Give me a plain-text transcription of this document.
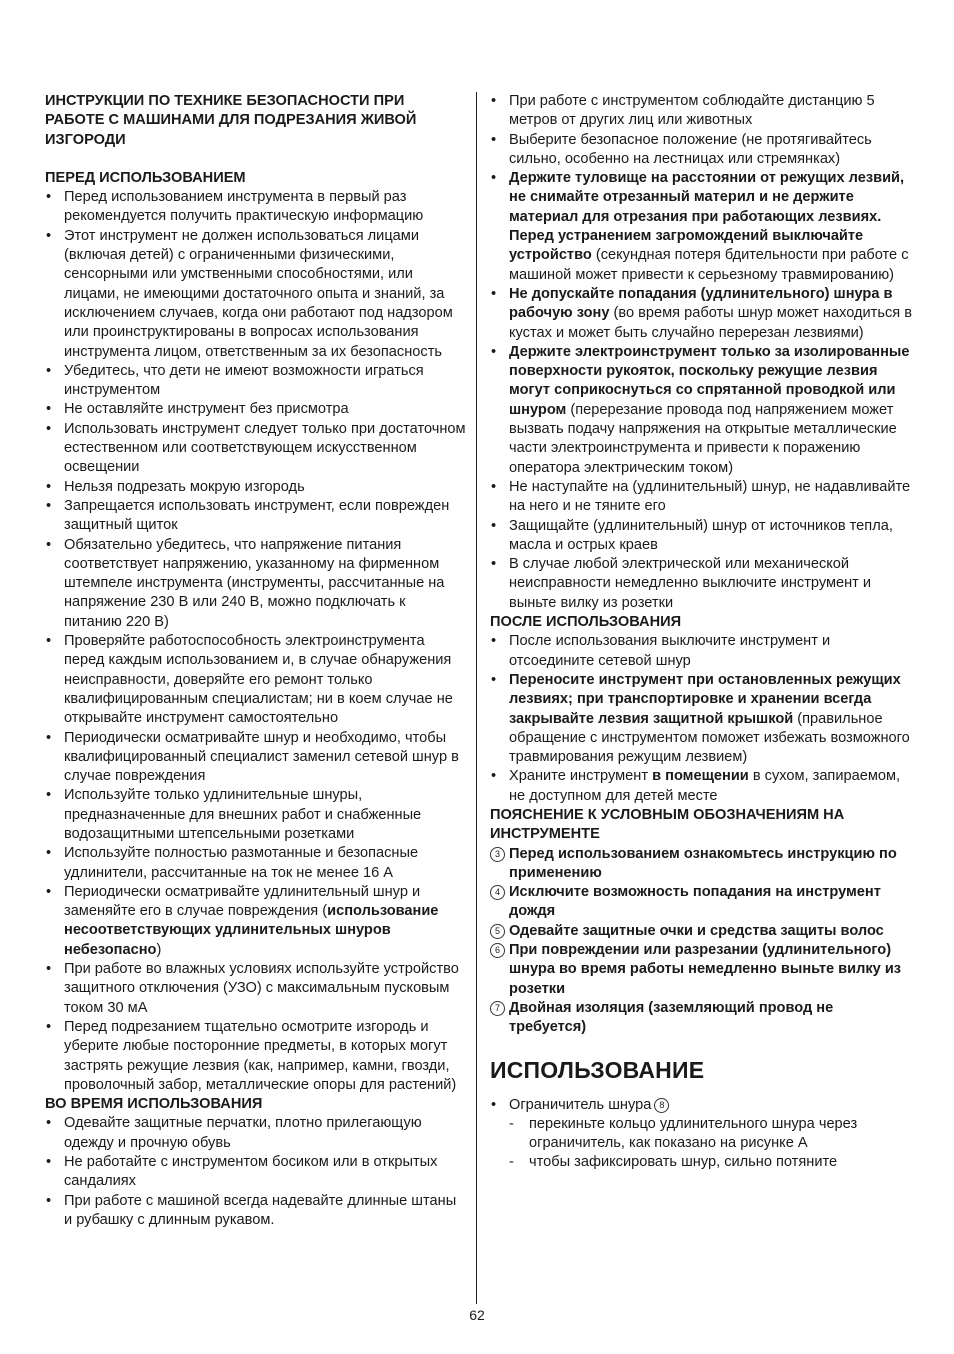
ИНСТРУКЦИИ ПО ТЕХНИКЕ БЕЗОПАСНОСТИ ПРИ РАБОТЕ С МАШИНАМИ ДЛЯ ПОДРЕЗАНИЯ ЖИВОЙ ИЗГОРОДИ

ПЕРЕД ИСПОЛЬЗОВАНИЕМ

• Перед использованием инструмента в первый раз рекомендуется получить практическую информацию
• Этот инструмент не должен использоваться лицами (включая детей) с ограниченными физическими, сенсорными или умственными способностями, или лицами, не имеющими достаточного опыта и знаний, за исключением случаев, когда они работают под надзором или проинструктированы в вопросах использования инструмента лицом, ответственным за их безопасность
• Убедитесь, что дети не имеют возможности играться инструментом
• Не оставляйте инструмент без присмотра
• Использовать инструмент следует только при достаточном естественном или соответствующем искусственном освещении
• Нельзя подрезать мокрую изгородь
• Запрещается использовать инструмент, если поврежден защитный щиток
• Обязательно убедитесь, что напряжение питания соответствует напряжению, указанному на фирменном штемпеле инструмента (инструменты, рассчитанные на напряжение 230 В или 240 В, можно подключать к питанию 220 В)
• Проверяйте работоспособность электроинструмента перед каждым использованием и, в случае обнаружения неисправности, доверяйте его ремонт только квалифицированным специалистам; ни в коем случае не открывайте инструмент самостоятельно
• Периодически осматривайте шнур и необходимо, чтобы квалифицированный специалист заменил сетевой шнур в случае повреждения
• Используйте только удлинительные шнуры, предназначенные для внешних работ и снабженные водозащитными штепсельными розетками
• Используйте полностью размотанные и безопасные удлинители, рассчитанные на ток не менее 16 А
• Периодически осматривайте удлинительный шнур и заменяйте его в случае повреждения (использование несоответствующих удлинительных шнуров небезопасно)
• При работе во влажных условиях используйте устройство защитного отключения (УЗО) с максимальным пусковым током 30 мА
• Перед подрезанием тщательно осмотрите изгородь и уберите любые посторонние предметы, в которых могут застрять режущие лезвия (как, например, камни, гвозди, проволочный забор, металлические опоры для растений)

ВО ВРЕМЯ ИСПОЛЬЗОВАНИЯ

• Одевайте защитные перчатки, плотно прилегающую одежду и прочную обувь
• Не работайте с инструментом босиком или в открытых сандалиях
• При работе с машиной всегда надевайте длинные штаны и рубашку с длинным рукавом.
• При работе с инструментом соблюдайте дистанцию 5 метров от других лиц или животных
• Выберите безопасное положение (не протягивайтесь сильно, особенно на лестницах или стремянках)
• Держите туловище на расстоянии от режущих лезвий, не снимайте отрезанный материл и не держите материал для отрезания при работающих лезвиях. Перед устранением загромождений выключайте устройство (секундная потеря бдительности при работе с машиной может привести к серьезному травмированию)
• Не допускайте попадания (удлинительного) шнура в рабочую зону (во время работы шнур может находиться в кустах и может быть случайно перерезан лезвиями)
• Держите электроинструмент только за изолированные поверхности рукояток, поскольку режущие лезвия могут соприкоснуться со спрятанной проводкой или шнуром (перерезание провода под напряжением может вызвать подачу напряжения на открытые металлические части электроинструмента и привести к поражению оператора электрическим током)
• Не наступайте на (удлинительный) шнур, не надавливайте на него и не тяните его
• Защищайте (удлинительный) шнур от источников тепла, масла и острых краев
• В случае любой электрической или механической неисправности немедленно выключите инструмент и выньте вилку из розетки

ПОСЛЕ ИСПОЛЬЗОВАНИЯ

• После использования выключите инструмент и отсоедините сетевой шнур
• Переносите инструмент при остановленных режущих лезвиях; при транспортировке и хранении всегда закрывайте лезвия защитной крышкой (правильное обращение с инструментом поможет избежать возможного травмирования режущим лезвием)
• Храните инструмент в помещении в сухом, запираемом, не доступном для детей месте

ПОЯСНЕНИЕ К УСЛОВНЫМ ОБОЗНАЧЕНИЯМ НА ИНСТРУМЕНТЕ

3 Перед использованием ознакомьтесь инструкцию по применению
4 Исключите возможность попадания на инструмент дождя
5 Одевайте защитные очки и средства защиты волос
6 При повреждении или разрезании (удлинительного) шнура во время работы немедленно выньте вилку из розетки
7 Двойная изоляция (заземляющий провод не требуется)
ИСПОЛЬЗОВАНИЕ
• Ограничитель шнура 8
- перекиньте кольцо удлинительного шнура через ограничитель, как показано на рисунке A
- чтобы зафиксировать шнур, сильно потяните
62
